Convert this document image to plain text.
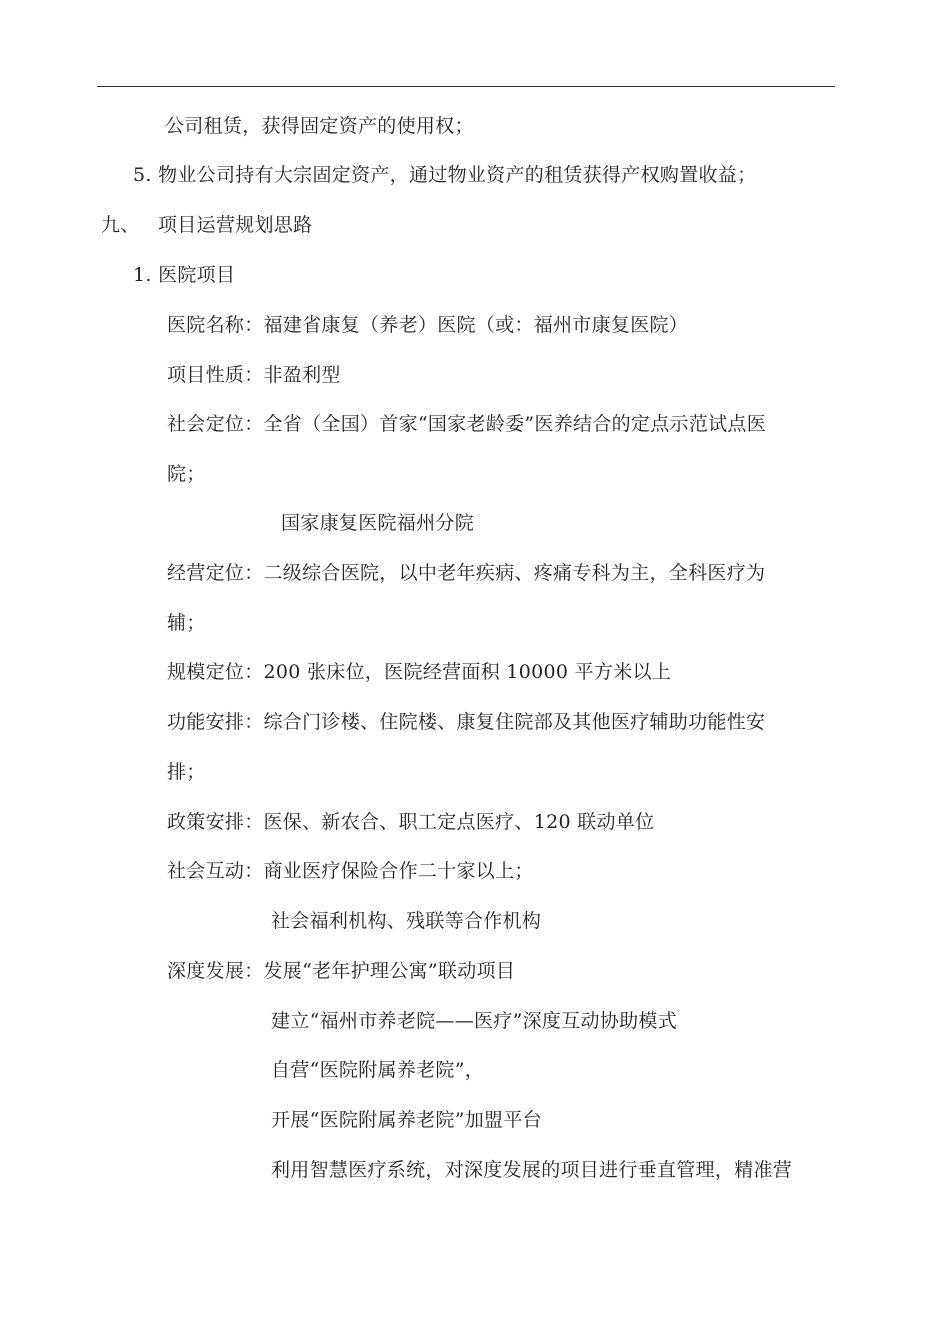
公司租赁，获得固定资产的使用权；
5. 物业公司持有大宗固定资产，通过物业资产的租赁获得产权购置收益；
九、 项目运营规划思路
1. 医院项目
医院名称：福建省康复（养老）医院（或：福州市康复医院）
项目性质：非盈利型
社会定位：全省（全国）首家“国家老龄委”医养结合的定点示范试点医
院；
国家康复医院福州分院
经营定位：二级综合医院，以中老年疾病、疼痛专科为主，全科医疗为
辅；
规模定位：200 张床位，医院经营面积 10000 平方米以上
功能安排：综合门诊楼、住院楼、康复住院部及其他医疗辅助功能性安
排；
政策安排：医保、新农合、职工定点医疗、120 联动单位
社会互动：商业医疗保险合作二十家以上；
社会福利机构、残联等合作机构
深度发展：发展“老年护理公寓”联动项目
建立“福州市养老院——医疗”深度互动协助模式
自营“医院附属养老院”，
开展“医院附属养老院”加盟平台
利用智慧医疗系统，对深度发展的项目进行垂直管理，精准营
